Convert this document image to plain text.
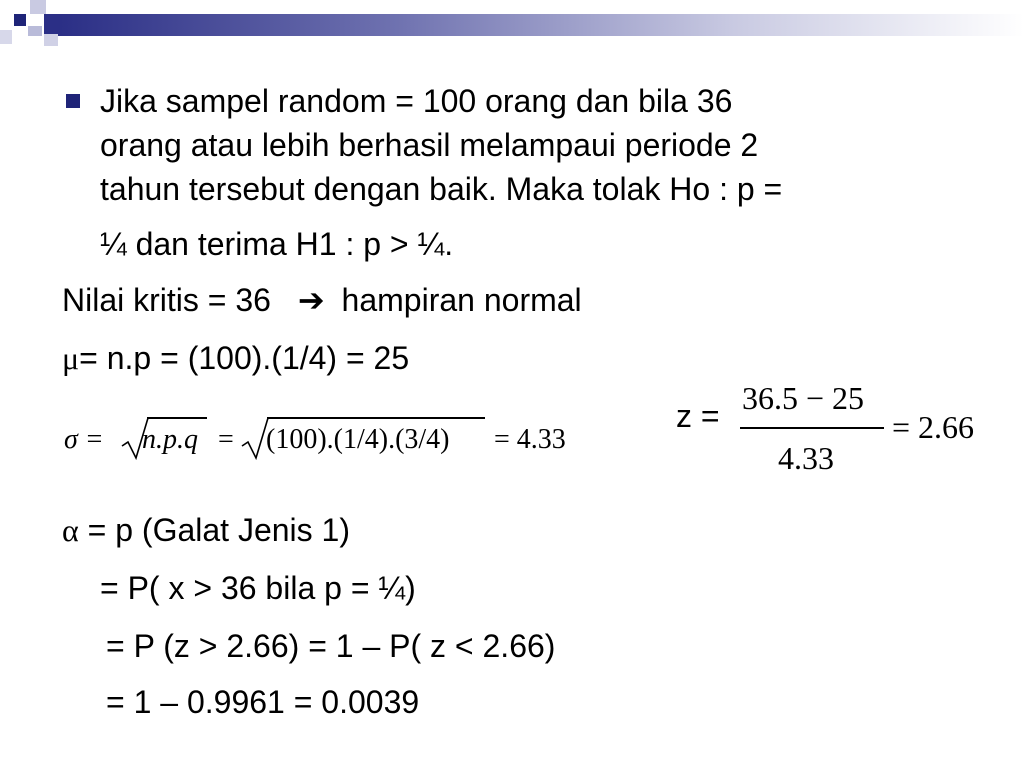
Jika sampel random = 100 orang dan bila 36
orang atau lebih berhasil melampaui periode 2
tahun tersebut dengan baik. Maka tolak Ho : p =
¼ dan terima H1 : p > ¼.
Nilai kritis = 36 ➔ hampiran normal
μ= n.p = (100).(1/4) = 25
σ = n.p.q = (100).(1/4).(3/4) = 4.33
z = 36.5 − 25
4.33
= 2.66
α = p (Galat Jenis 1)
= P( x > 36 bila p = ¼)
= P (z > 2.66) = 1 – P( z < 2.66)
= 1 – 0.9961 = 0.0039
